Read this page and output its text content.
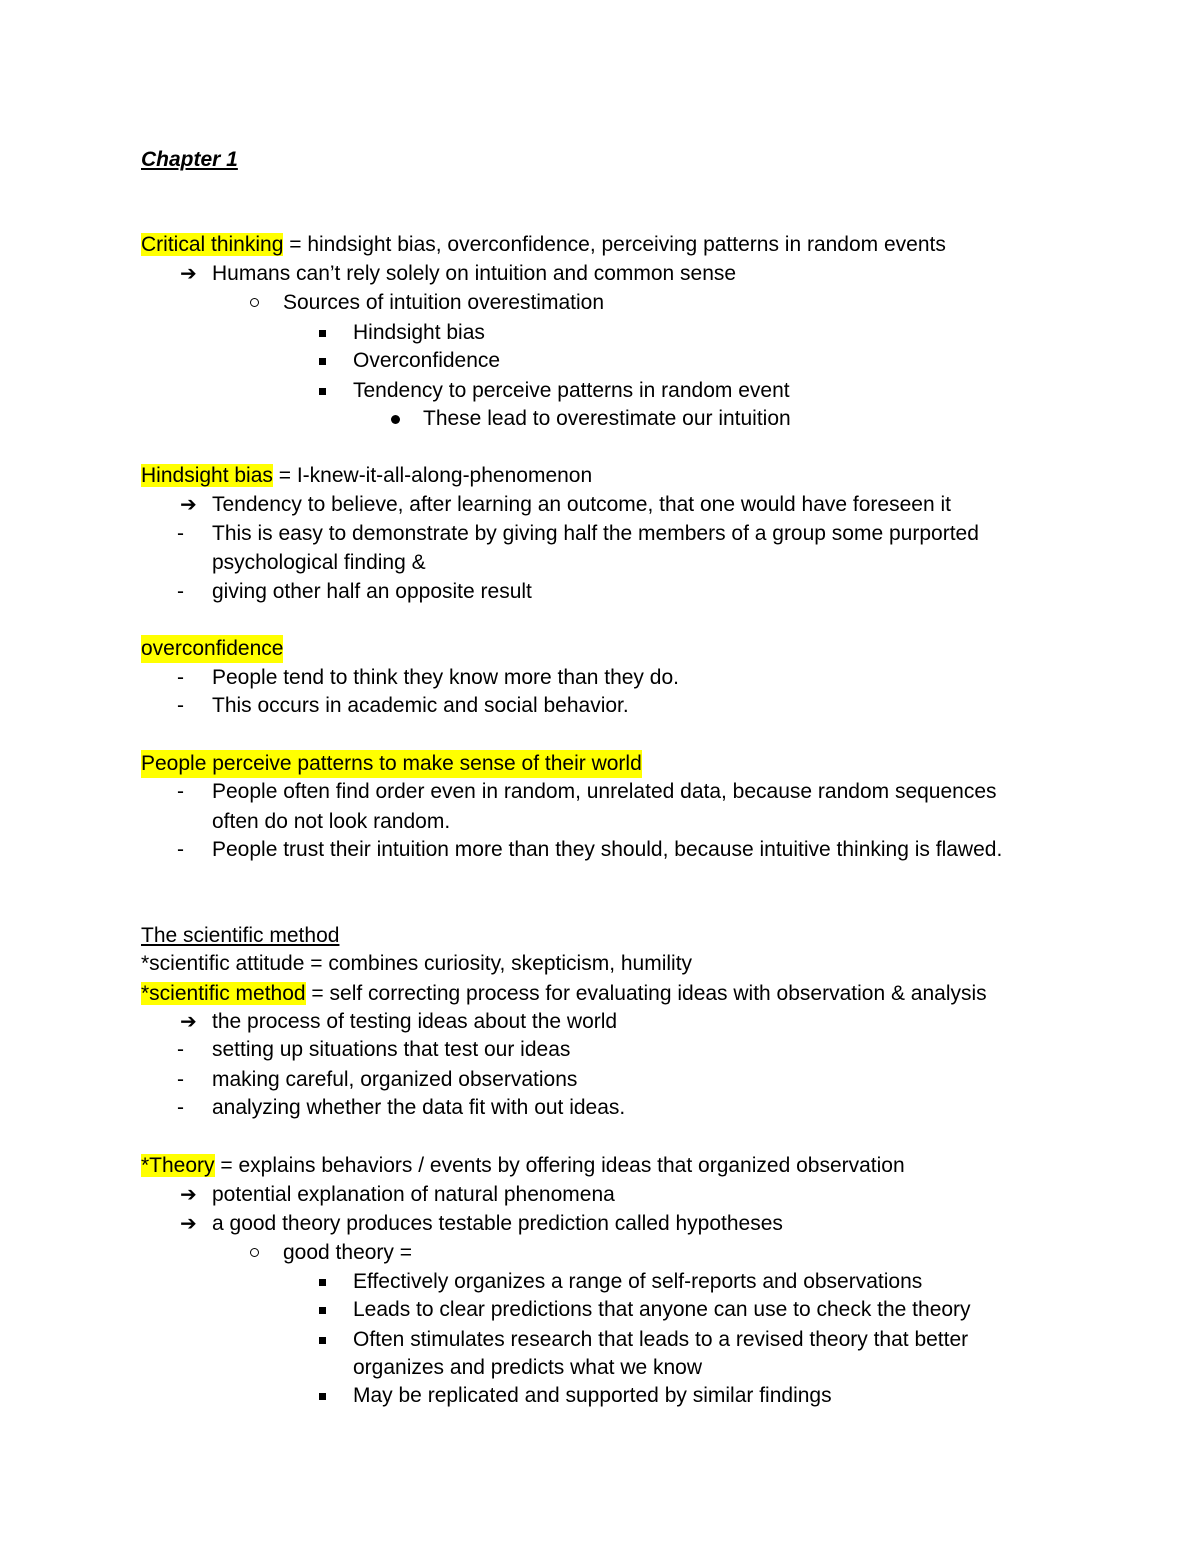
Chapter 1
Critical thinking = hindsight bias, overconfidence, perceiving patterns in random events
➔ Humans can’t rely solely on intuition and common sense
Sources of intuition overestimation
Hindsight bias
Overconfidence
Tendency to perceive patterns in random event
These lead to overestimate our intuition
Hindsight bias = I-knew-it-all-along-phenomenon
➔ Tendency to believe, after learning an outcome, that one would have foreseen it
- This is easy to demonstrate by giving half the members of a group some purported
psychological finding &
- giving other half an opposite result
overconfidence
- People tend to think they know more than they do.
- This occurs in academic and social behavior.
People perceive patterns to make sense of their world
- People often find order even in random, unrelated data, because random sequences
often do not look random.
- People trust their intuition more than they should, because intuitive thinking is flawed.
The scientific method
*scientific attitude = combines curiosity, skepticism, humility
*scientific method = self correcting process for evaluating ideas with observation & analysis
➔ the process of testing ideas about the world
- setting up situations that test our ideas
- making careful, organized observations
- analyzing whether the data fit with out ideas.
*Theory = explains behaviors / events by offering ideas that organized observation
➔ potential explanation of natural phenomena
➔ a good theory produces testable prediction called hypotheses
good theory =
Effectively organizes a range of self-reports and observations
Leads to clear predictions that anyone can use to check the theory
Often stimulates research that leads to a revised theory that better
organizes and predicts what we know
May be replicated and supported by similar findings
